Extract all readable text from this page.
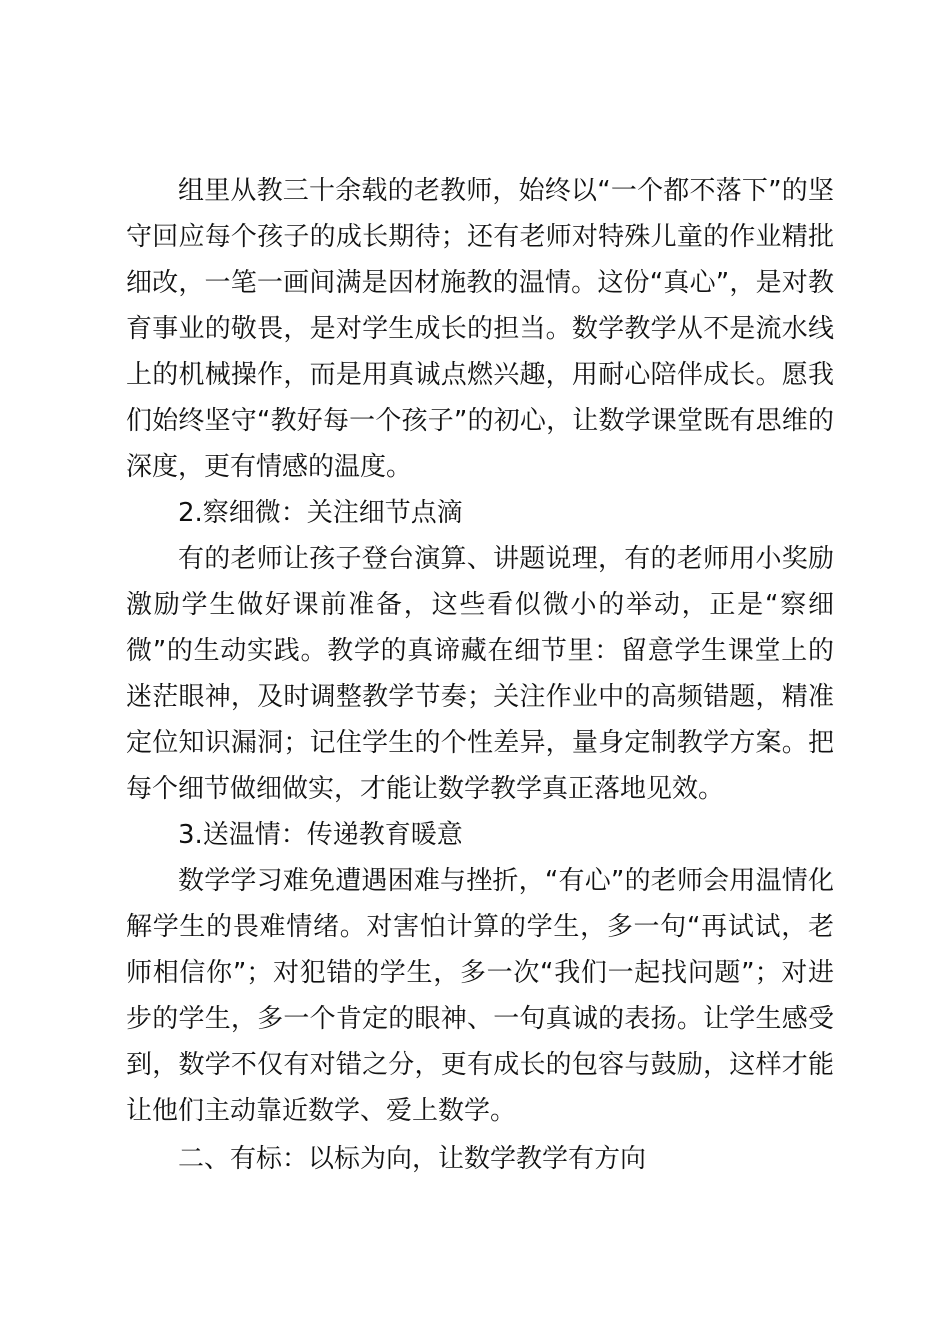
组里从教三十余载的老教师，始终以“一个都不落下”的坚守回应每个孩子的成长期待；还有老师对特殊儿童的作业精批细改，一笔一画间满是因材施教的温情。这份“真心”，是对教育事业的敬畏，是对学生成长的担当。数学教学从不是流水线上的机械操作，而是用真诚点燃兴趣，用耐心陪伴成长。愿我们始终坚守“教好每一个孩子”的初心，让数学课堂既有思维的深度，更有情感的温度。

2.察细微：关注细节点滴

有的老师让孩子登台演算、讲题说理，有的老师用小奖励激励学生做好课前准备，这些看似微小的举动，正是“察细微”的生动实践。教学的真谛藏在细节里：留意学生课堂上的迷茫眼神，及时调整教学节奏；关注作业中的高频错题，精准定位知识漏洞；记住学生的个性差异，量身定制教学方案。把每个细节做细做实，才能让数学教学真正落地见效。

3.送温情：传递教育暖意

数学学习难免遭遇困难与挫折，“有心”的老师会用温情化解学生的畏难情绪。对害怕计算的学生，多一句“再试试，老师相信你”；对犯错的学生，多一次“我们一起找问题”；对进步的学生，多一个肯定的眼神、一句真诚的表扬。让学生感受到，数学不仅有对错之分，更有成长的包容与鼓励，这样才能让他们主动靠近数学、爱上数学。

二、有标：以标为向，让数学教学有方向
